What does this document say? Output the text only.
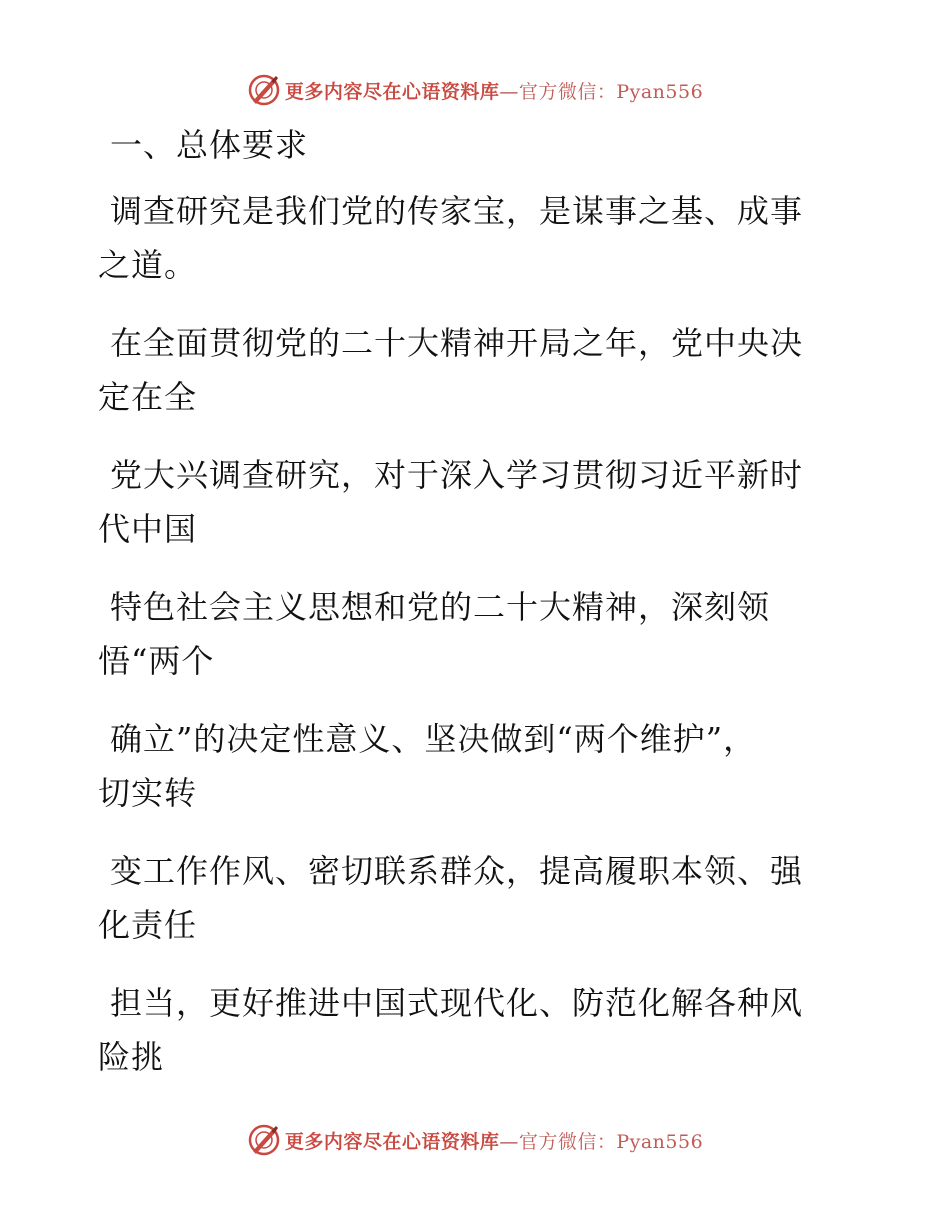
更多内容尽在心语资料库—官方微信：Pyan556

一、总体要求

调查研究是我们党的传家宝，是谋事之基、成事
之道。

在全面贯彻党的二十大精神开局之年，党中央决
定在全

党大兴调查研究，对于深入学习贯彻习近平新时
代中国

特色社会主义思想和党的二十大精神，深刻领
悟“两个

确立”的决定性意义、坚决做到“两个维护”，
切实转

变工作作风、密切联系群众，提高履职本领、强
化责任

担当，更好推进中国式现代化、防范化解各种风
险挑

更多内容尽在心语资料库—官方微信：Pyan556
